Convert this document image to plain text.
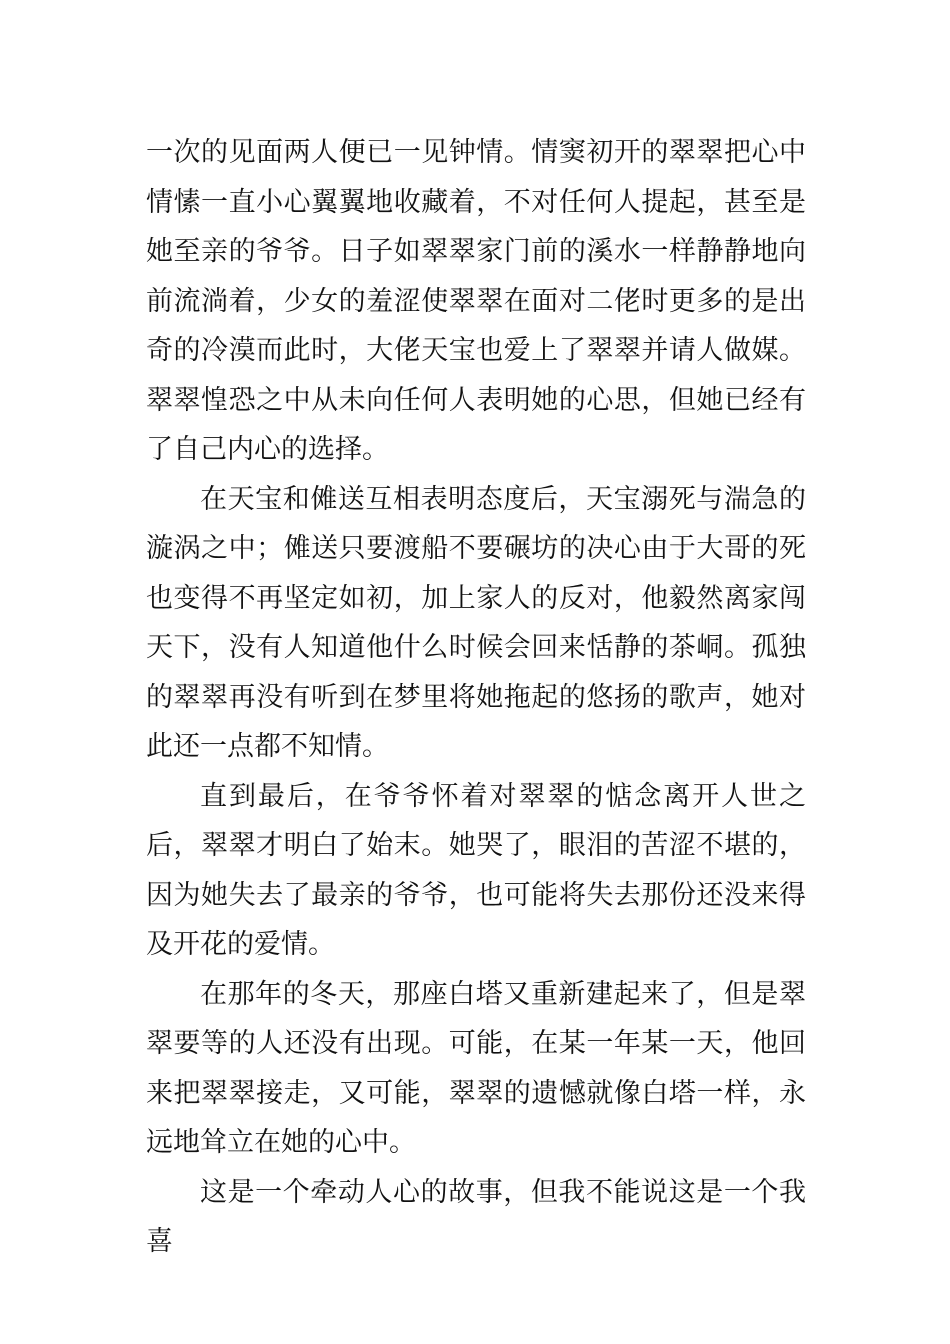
一次的见面两人便已一见钟情。情窦初开的翠翠把心中情愫一直小心翼翼地收藏着，不对任何人提起，甚至是她至亲的爷爷。日子如翠翠家门前的溪水一样静静地向前流淌着，少女的羞涩使翠翠在面对二佬时更多的是出奇的冷漠而此时，大佬天宝也爱上了翠翠并请人做媒。翠翠惶恐之中从未向任何人表明她的心思，但她已经有了自己内心的选择。

在天宝和傩送互相表明态度后，天宝溺死与湍急的漩涡之中；傩送只要渡船不要碾坊的决心由于大哥的死也变得不再坚定如初，加上家人的反对，他毅然离家闯天下，没有人知道他什么时候会回来恬静的茶峒。孤独的翠翠再没有听到在梦里将她拖起的悠扬的歌声，她对此还一点都不知情。

直到最后，在爷爷怀着对翠翠的惦念离开人世之后，翠翠才明白了始末。她哭了，眼泪的苦涩不堪的，因为她失去了最亲的爷爷，也可能将失去那份还没来得及开花的爱情。

在那年的冬天，那座白塔又重新建起来了，但是翠翠要等的人还没有出现。可能，在某一年某一天，他回来把翠翠接走，又可能，翠翠的遗憾就像白塔一样，永远地耸立在她的心中。

这是一个牵动人心的故事，但我不能说这是一个我喜
